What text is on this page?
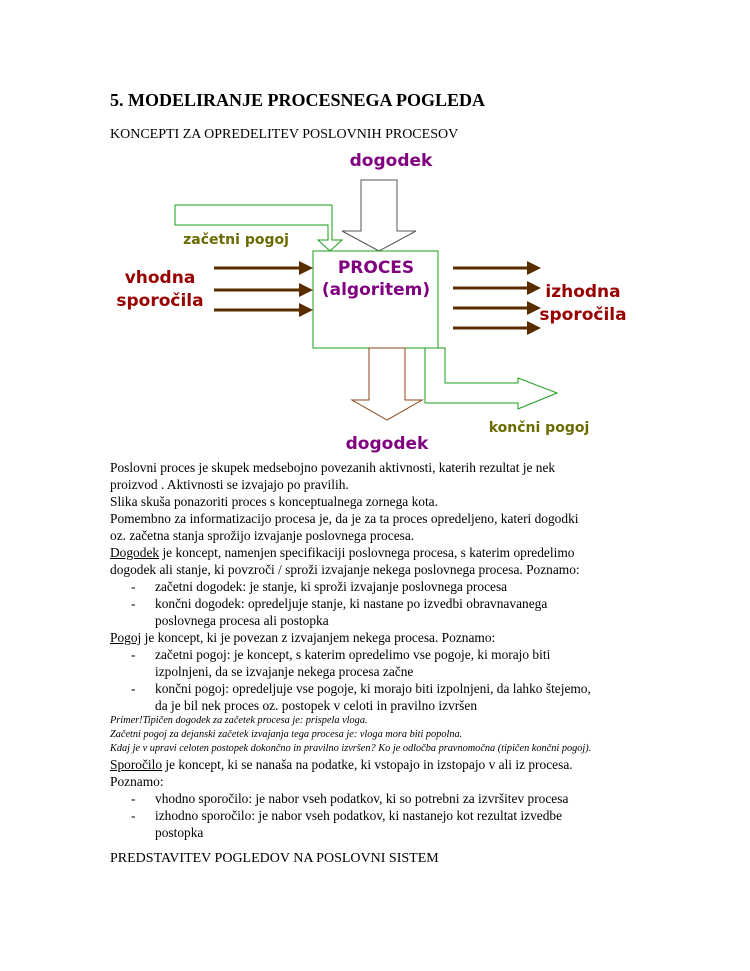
5. MODELIRANJE PROCESNEGA POGLEDA
KONCEPTI ZA OPREDELITEV POSLOVNIH PROCESOV
dogodek
začetni pogoj
vhodna
sporočila
PROCES
(algoritem)	izhodna
sporočila
končni pogoj
dogodek
Poslovni proces je skupek medsebojno povezanih aktivnosti, katerih rezultat je nek
proizvod . Aktivnosti se izvajajo po pravilih.
Slika skuša ponazoriti proces s konceptualnega zornega kota.
Pomembno za informatizacijo procesa je, da je za ta proces opredeljeno, kateri dogodki
oz. začetna stanja sprožijo izvajanje poslovnega procesa.
Dogodek je koncept, namenjen specifikaciji poslovnega procesa, s katerim opredelimo
dogodek ali stanje, ki povzroči / sproži izvajanje nekega poslovnega procesa. Poznamo:
- začetni dogodek: je stanje, ki sproži izvajanje poslovnega procesa
- končni dogodek: opredeljuje stanje, ki nastane po izvedbi obravnavanega
poslovnega procesa ali postopka
Pogoj je koncept, ki je povezan z izvajanjem nekega procesa. Poznamo:
- začetni pogoj: je koncept, s katerim opredelimo vse pogoje, ki morajo biti
izpolnjeni, da se izvajanje nekega procesa začne
- končni pogoj: opredeljuje vse pogoje, ki morajo biti izpolnjeni, da lahko štejemo,
da je bil nek proces oz. postopek v celoti in pravilno izvršen
Primer!Tipičen dogodek za začetek procesa je: prispela vloga.
Začetni pogoj za dejanski začetek izvajanja tega procesa je: vloga mora biti popolna.
Kdaj je v upravi celoten postopek dokončno in pravilno izvršen? Ko je odločba pravnomočna (tipičen končni pogoj).
Sporočilo je koncept, ki se nanaša na podatke, ki vstopajo in izstopajo v ali iz procesa.
Poznamo:
- vhodno sporočilo: je nabor vseh podatkov, ki so potrebni za izvršitev procesa
- izhodno sporočilo: je nabor vseh podatkov, ki nastanejo kot rezultat izvedbe
postopka
PREDSTAVITEV POGLEDOV NA POSLOVNI SISTEM
